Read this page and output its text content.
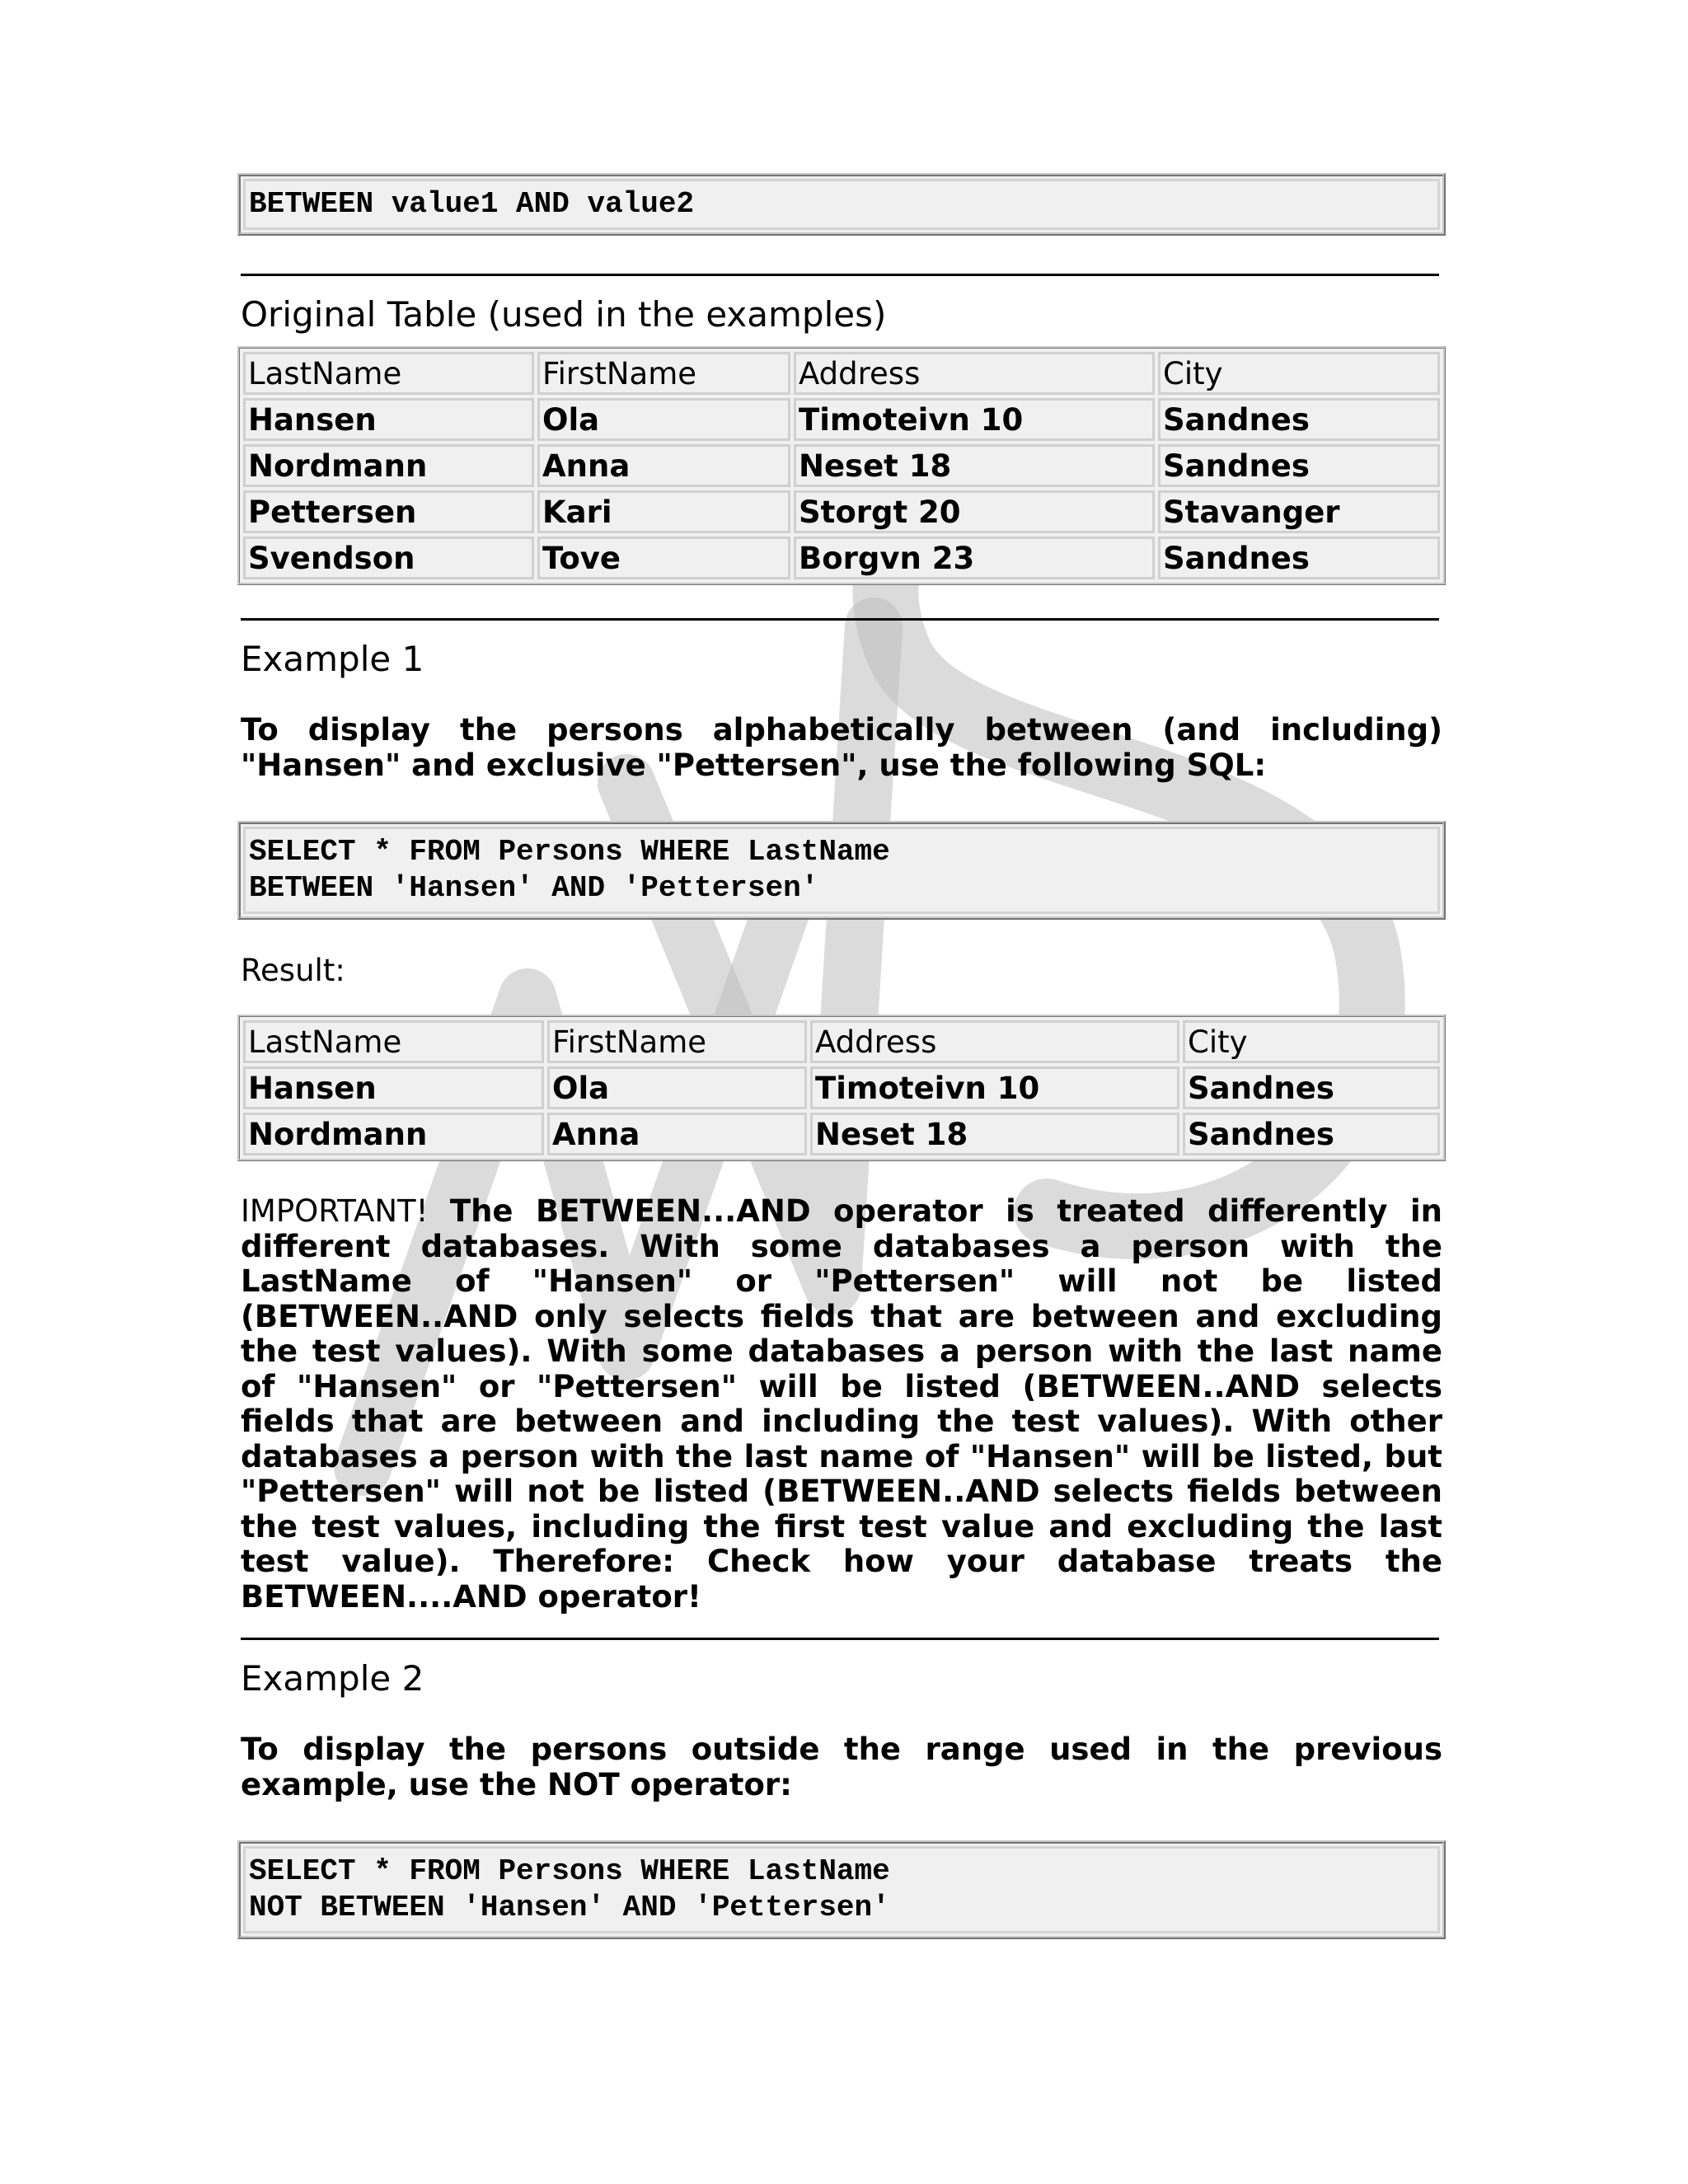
BETWEEN value1 AND value2
Original Table (used in the examples)
LastName	FirstName	Address	City
Hansen	Ola	Timoteivn 10	Sandnes
Nordmann	Anna	Neset 18	Sandnes
Pettersen	Kari	Storgt 20	Stavanger
Svendson	Tove	Borgvn 23	Sandnes
Example 1

To display the persons alphabetically between (and including) "Hansen" and exclusive "Pettersen", use the following SQL:

SELECT * FROM Persons WHERE LastName
BETWEEN 'Hansen' AND 'Pettersen'

Result:

LastName	FirstName	Address	City
Hansen	Ola	Timoteivn 10	Sandnes
Nordmann	Anna	Neset 18	Sandnes

IMPORTANT! The BETWEEN...AND operator is treated differently in different databases. With some databases a person with the LastName of "Hansen" or "Pettersen" will not be listed (BETWEEN..AND only selects fields that are between and excluding the test values). With some databases a person with the last name of "Hansen" or "Pettersen" will be listed (BETWEEN..AND selects fields that are between and including the test values). With other databases a person with the last name of "Hansen" will be listed, but "Pettersen" will not be listed (BETWEEN..AND selects fields between the test values, including the first test value and excluding the last test value). Therefore: Check how your database treats the BETWEEN....AND operator!

Example 2

To display the persons outside the range used in the previous example, use the NOT operator:

SELECT * FROM Persons WHERE LastName
NOT BETWEEN 'Hansen' AND 'Pettersen'
